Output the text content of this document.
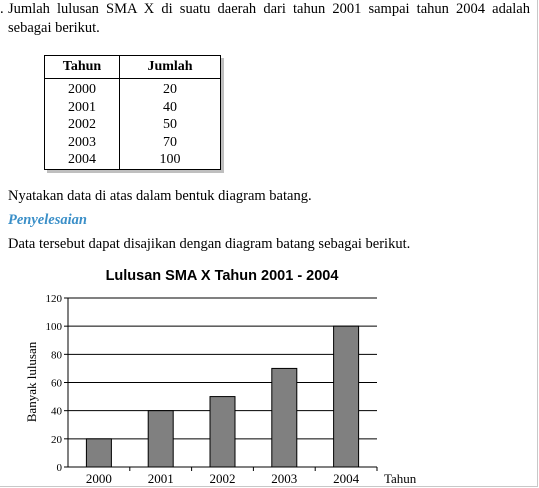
. Jumlah lulusan SMA X di suatu daerah dari tahun 2001 sampai tahun 2004 adalah
sebagai berikut.
Tahun	Jumlah
2000	20
2001	40
2002	50
2003	70
2004	100
Nyatakan data di atas dalam bentuk diagram batang.
Penyelesaian
Data tersebut dapat disajikan dengan diagram batang sebagai berikut.
Lulusan SMA X Tahun 2001 - 2004
0
20
40
60
80
100
120
2000	2001	2002	2003	2004
Banyak lulusan
Tahun
